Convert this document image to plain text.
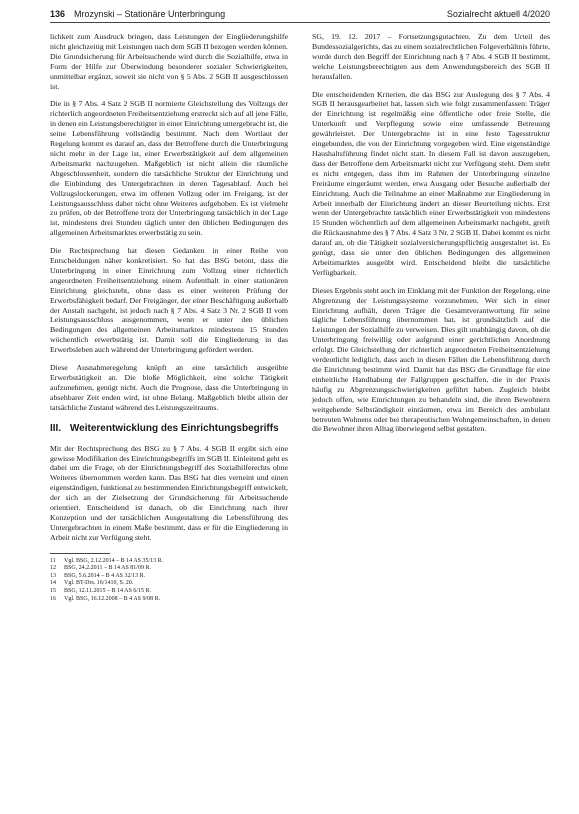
136 Mrozynski – Stationäre Unterbringung	Sozialrecht aktuell 4/2020

lichkeit zum Ausdruck bringen, dass Leistungen der Eingliederungshilfe nicht gleichzeitig mit Leistungen nach dem SGB II bezogen werden können. Die Grundsicherung für Arbeitsuchende wird durch die Sozialhilfe, etwa in Form der Hilfe zur Überwindung besonderer sozialer Schwierigkeiten, unmittelbar ergänzt, soweit sie nicht von § 5 Abs. 2 SGB II ausgeschlossen ist.

Die in § 7 Abs. 4 Satz 2 SGB II normierte Gleichstellung des Vollzugs der richterlich angeordneten Freiheitsentziehung erstreckt sich auf all jene Fälle, in denen ein Leistungsberechtigter in einer Einrichtung untergebracht ist, die seine Lebensführung vollständig bestimmt. Nach dem Wortlaut der Regelung kommt es darauf an, dass der Betroffene durch die Unterbringung nicht mehr in der Lage ist, einer Erwerbstätigkeit auf dem allgemeinen Arbeitsmarkt nachzugehen. Maßgeblich ist nicht allein die räumliche Abgeschlossenheit, sondern die tatsächliche Struktur der Einrichtung und die Einbindung des Untergebrachten in deren Tagesablauf. Auch bei Vollzugslockerungen, etwa im offenen Vollzug oder im Freigang, ist der Leistungsausschluss daher nicht ohne Weiteres aufgehoben. Es ist vielmehr zu prüfen, ob der Betroffene trotz der Unterbringung tatsächlich in der Lage ist, mindestens drei Stunden täglich unter den üblichen Bedingungen des allgemeinen Arbeitsmarktes erwerbstätig zu sein.

Die Rechtsprechung hat diesen Gedanken in einer Reihe von Entscheidungen näher konkretisiert. So hat das BSG betont, dass die Unterbringung in einer Einrichtung zum Vollzug einer richterlich angeordneten Freiheitsentziehung einem Aufenthalt in einer stationären Einrichtung gleichsteht, ohne dass es einer weiteren Prüfung der Erwerbsfähigkeit bedarf. Der Freigänger, der einer Beschäftigung außerhalb der Anstalt nachgeht, ist jedoch nach § 7 Abs. 4 Satz 3 Nr. 2 SGB II vom Leistungsausschluss ausgenommen, wenn er unter den üblichen Bedingungen des allgemeinen Arbeitsmarktes mindestens 15 Stunden wöchentlich erwerbstätig ist. Damit soll die Eingliederung in das Erwerbsleben auch während der Unterbringung gefördert werden.

Diese Ausnahmeregelung knüpft an eine tatsächlich ausgeübte Erwerbstätigkeit an. Die bloße Möglichkeit, eine solche Tätigkeit aufzunehmen, genügt nicht. Auch die Prognose, dass die Unterbringung in absehbarer Zeit enden wird, ist ohne Belang. Maßgeblich bleibt allein der tatsächliche Zustand während des Leistungszeitraums.

III. Weiterentwicklung des Einrichtungsbegriffs

Mit der Rechtsprechung des BSG zu § 7 Abs. 4 SGB II ergibt sich eine gewisse Modifikation des Einrichtungsbegriffs im SGB II. Einleitend geht es dabei um die Frage, ob der Einrichtungsbegriff des Sozialhilferechts ohne Weiteres übernommen werden kann. Das BSG hat dies verneint und einen eigenständigen, funktional zu bestimmenden Einrichtungsbegriff entwickelt, der sich an der Zielsetzung der Grundsicherung für Arbeitsuchende orientiert. Entscheidend ist danach, ob die Einrichtung nach ihrer Konzeption und der tatsächlichen Ausgestaltung die Lebensführung des Untergebrachten in einem Maße bestimmt, dass er für die Eingliederung in Arbeit nicht zur Verfügung steht.

11 Vgl. BSG, 2.12.2014 – B 14 AS 35/13 R.
12 BSG, 24.2.2011 – B 14 AS 81/09 R.
13 BSG, 5.6.2014 – B 4 AS 32/13 R.
14 Vgl. BT-Drs. 16/1410, S. 20.
15 BSG, 12.11.2015 – B 14 AS 6/15 R.
16 Vgl. BSG, 16.12.2008 – B 4 AS 9/08 R.

SG, 19. 12. 2017 – Fortsetzungsgutachten. Zu dem Urteil des Bundessozialgerichts, das zu einem sozialrechtlichen Folgeverhältnis führte, wurde durch den Begriff der Einrichtung nach § 7 Abs. 4 SGB II bestimmt, welche Leistungsberechtigten aus dem Anwendungsbereich des SGB II herausfallen.

Die entscheidenden Kriterien, die das BSG zur Auslegung des § 7 Abs. 4 SGB II herausgearbeitet hat, lassen sich wie folgt zusammenfassen: Träger der Einrichtung ist regelmäßig eine öffentliche oder freie Stelle, die Unterkunft und Verpflegung sowie eine umfassende Betreuung gewährleistet. Der Untergebrachte ist in eine feste Tagesstruktur eingebunden, die von der Einrichtung vorgegeben wird. Eine eigenständige Haushaltsführung findet nicht statt. In diesem Fall ist davon auszugehen, dass der Betroffene dem Arbeitsmarkt nicht zur Verfügung steht. Dem steht es nicht entgegen, dass ihm im Rahmen der Unterbringung einzelne Freiräume eingeräumt werden, etwa Ausgang oder Besuche außerhalb der Einrichtung. Auch die Teilnahme an einer Maßnahme zur Eingliederung in Arbeit innerhalb der Einrichtung ändert an dieser Beurteilung nichts. Erst wenn der Untergebrachte tatsächlich einer Erwerbstätigkeit von mindestens 15 Stunden wöchentlich auf dem allgemeinen Arbeitsmarkt nachgeht, greift die Rückausnahme des § 7 Abs. 4 Satz 3 Nr. 2 SGB II. Dabei kommt es nicht darauf an, ob die Tätigkeit sozialversicherungspflichtig ausgestaltet ist. Es genügt, dass sie unter den üblichen Bedingungen des allgemeinen Arbeitsmarktes ausgeübt wird. Entscheidend bleibt die tatsächliche Verfügbarkeit.

Dieses Ergebnis steht auch im Einklang mit der Funktion der Regelung, eine Abgrenzung der Leistungssysteme vorzunehmen. Wer sich in einer Einrichtung aufhält, deren Träger die Gesamtverantwortung für seine tägliche Lebensführung übernommen hat, ist grundsätzlich auf die Leistungen der Sozialhilfe zu verweisen. Dies gilt unabhängig davon, ob die Unterbringung freiwillig oder aufgrund einer gerichtlichen Anordnung erfolgt. Die Gleichstellung der richterlich angeordneten Freiheitsentziehung verdeutlicht lediglich, dass auch in diesen Fällen die Lebensführung durch die Einrichtung bestimmt wird. Damit hat das BSG die Grundlage für eine einheitliche Handhabung der Fallgruppen geschaffen, die in der Praxis häufig zu Abgrenzungsschwierigkeiten geführt haben. Zugleich bleibt jedoch offen, wie Einrichtungen zu behandeln sind, die ihren Bewohnern weitgehende Selbständigkeit einräumen, etwa im Bereich des ambulant betreuten Wohnens oder bei therapeutischen Wohngemeinschaften, in denen die Bewohner ihren Alltag überwiegend selbst gestalten.
